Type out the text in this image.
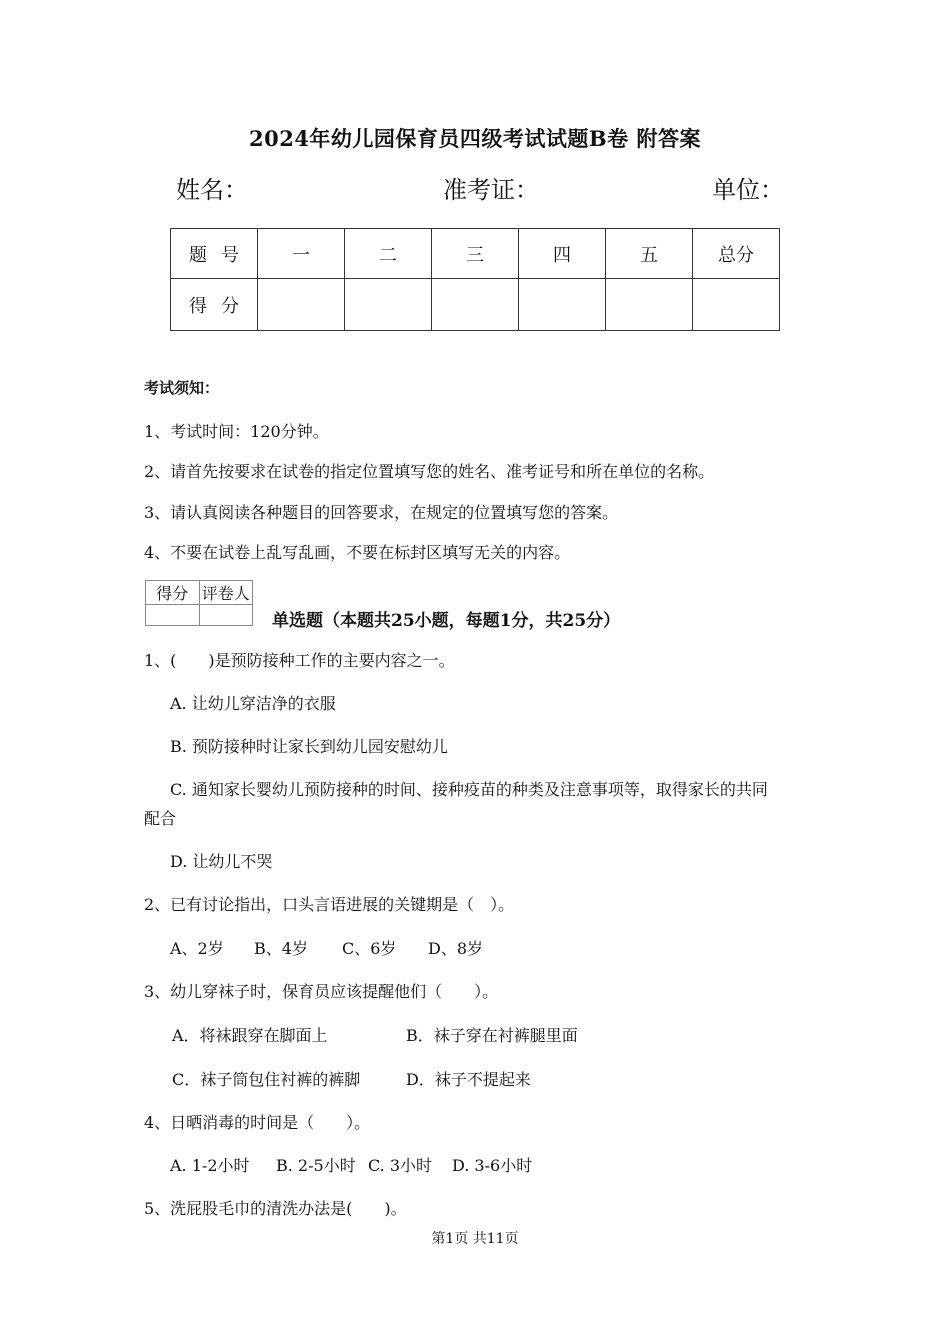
2024年幼儿园保育员四级考试试题B卷 附答案
姓名：	准考证：	单位：
题号	一	二	三	四	五	总分
得分						
考试须知：
1、考试时间：120分钟。
2、请首先按要求在试卷的指定位置填写您的姓名、准考证号和所在单位的名称。
3、请认真阅读各种题目的回答要求，在规定的位置填写您的答案。
4、不要在试卷上乱写乱画，不要在标封区填写无关的内容。
得分	评卷人

单选题（本题共25小题，每题1分，共25分）
1、(　　)是预防接种工作的主要内容之一。
A. 让幼儿穿洁净的衣服
B. 预防接种时让家长到幼儿园安慰幼儿
C. 通知家长婴幼儿预防接种的时间、接种疫苗的种类及注意事项等，取得家长的共同
配合
D. 让幼儿不哭
2、已有讨论指出，口头言语进展的关键期是（　）。
A、2岁 B、4岁 C、6岁 D、8岁
3、幼儿穿袜子时，保育员应该提醒他们（　　）。
A．将袜跟穿在脚面上	B．袜子穿在衬裤腿里面
C．袜子筒包住衬裤的裤脚	D．袜子不提起来
4、日晒消毒的时间是（　　）。
A. 1-2小时 B. 2-5小时 C. 3小时 D. 3-6小时
5、洗屁股毛巾的清洗办法是(　　)。
第1页 共11页
